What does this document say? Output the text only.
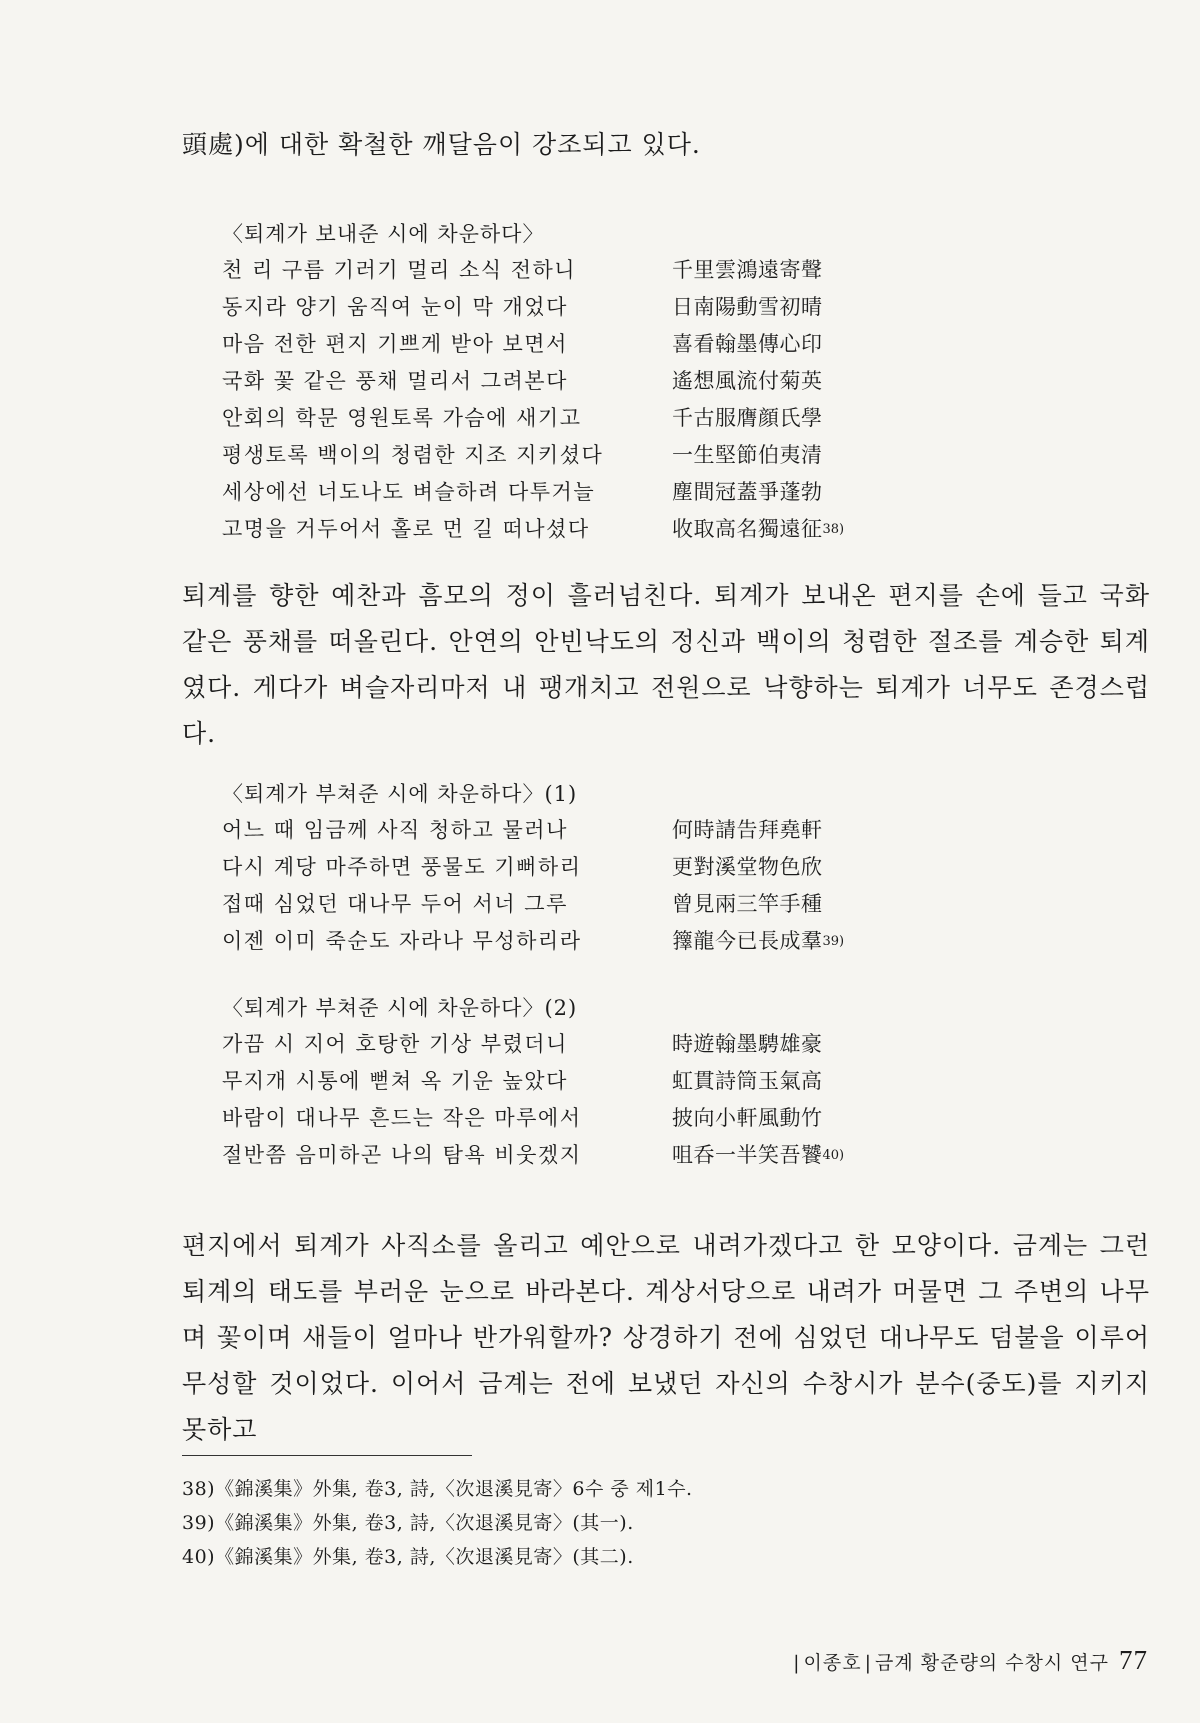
頭處)에 대한 확철한 깨달음이 강조되고 있다.

〈퇴계가 보내준 시에 차운하다〉
천 리 구름 기러기 멀리 소식 전하니	千里雲鴻遠寄聲
동지라 양기 움직여 눈이 막 개었다	日南陽動雪初晴
마음 전한 편지 기쁘게 받아 보면서	喜看翰墨傳心印
국화 꽃 같은 풍채 멀리서 그려본다	遙想風流付菊英
안회의 학문 영원토록 가슴에 새기고	千古服膺顔氏學
평생토록 백이의 청렴한 지조 지키셨다	一生堅節伯夷清
세상에선 너도나도 벼슬하려 다투거늘	塵間冠蓋爭蓬勃
고명을 거두어서 홀로 먼 길 떠나셨다	收取高名獨遠征 38)

퇴계를 향한 예찬과 흠모의 정이 흘러넘친다. 퇴계가 보내온 편지를 손에 들고 국화 같은 풍채를 떠올린다. 안연의 안빈낙도의 정신과 백이의 청렴한 절조를 계승한 퇴계였다. 게다가 벼슬자리마저 내 팽개치고 전원으로 낙향하는 퇴계가 너무도 존경스럽다.

〈퇴계가 부쳐준 시에 차운하다〉(1)
어느 때 임금께 사직 청하고 물러나	何時請告拜堯軒
다시 계당 마주하면 풍물도 기뻐하리	更對溪堂物色欣
접때 심었던 대나무 두어 서너 그루	曾見兩三竿手種
이젠 이미 죽순도 자라나 무성하리라	籜龍今已長成羣 39)
〈퇴계가 부쳐준 시에 차운하다〉(2)
가끔 시 지어 호탕한 기상 부렸더니	時遊翰墨騁雄豪
무지개 시통에 뻗쳐 옥 기운 높았다	虹貫詩筒玉氣高
바람이 대나무 흔드는 작은 마루에서	披向小軒風動竹
절반쯤 음미하곤 나의 탐욕 비웃겠지	咀呑一半笑吾饕 40)

편지에서 퇴계가 사직소를 올리고 예안으로 내려가겠다고 한 모양이다. 금계는 그런 퇴계의 태도를 부러운 눈으로 바라본다. 계상서당으로 내려가 머물면 그 주변의 나무며 꽃이며 새들이 얼마나 반가워할까? 상경하기 전에 심었던 대나무도 덤불을 이루어 무성할 것이었다. 이어서 금계는 전에 보냈던 자신의 수창시가 분수(중도)를 지키지 못하고

38)《錦溪集》外集, 卷3, 詩,〈次退溪見寄〉6수 중 제1수.
39)《錦溪集》外集, 卷3, 詩,〈次退溪見寄〉(其一).
40)《錦溪集》外集, 卷3, 詩,〈次退溪見寄〉(其二).
| 이종호 | 금계 황준량의 수창시 연구 77
